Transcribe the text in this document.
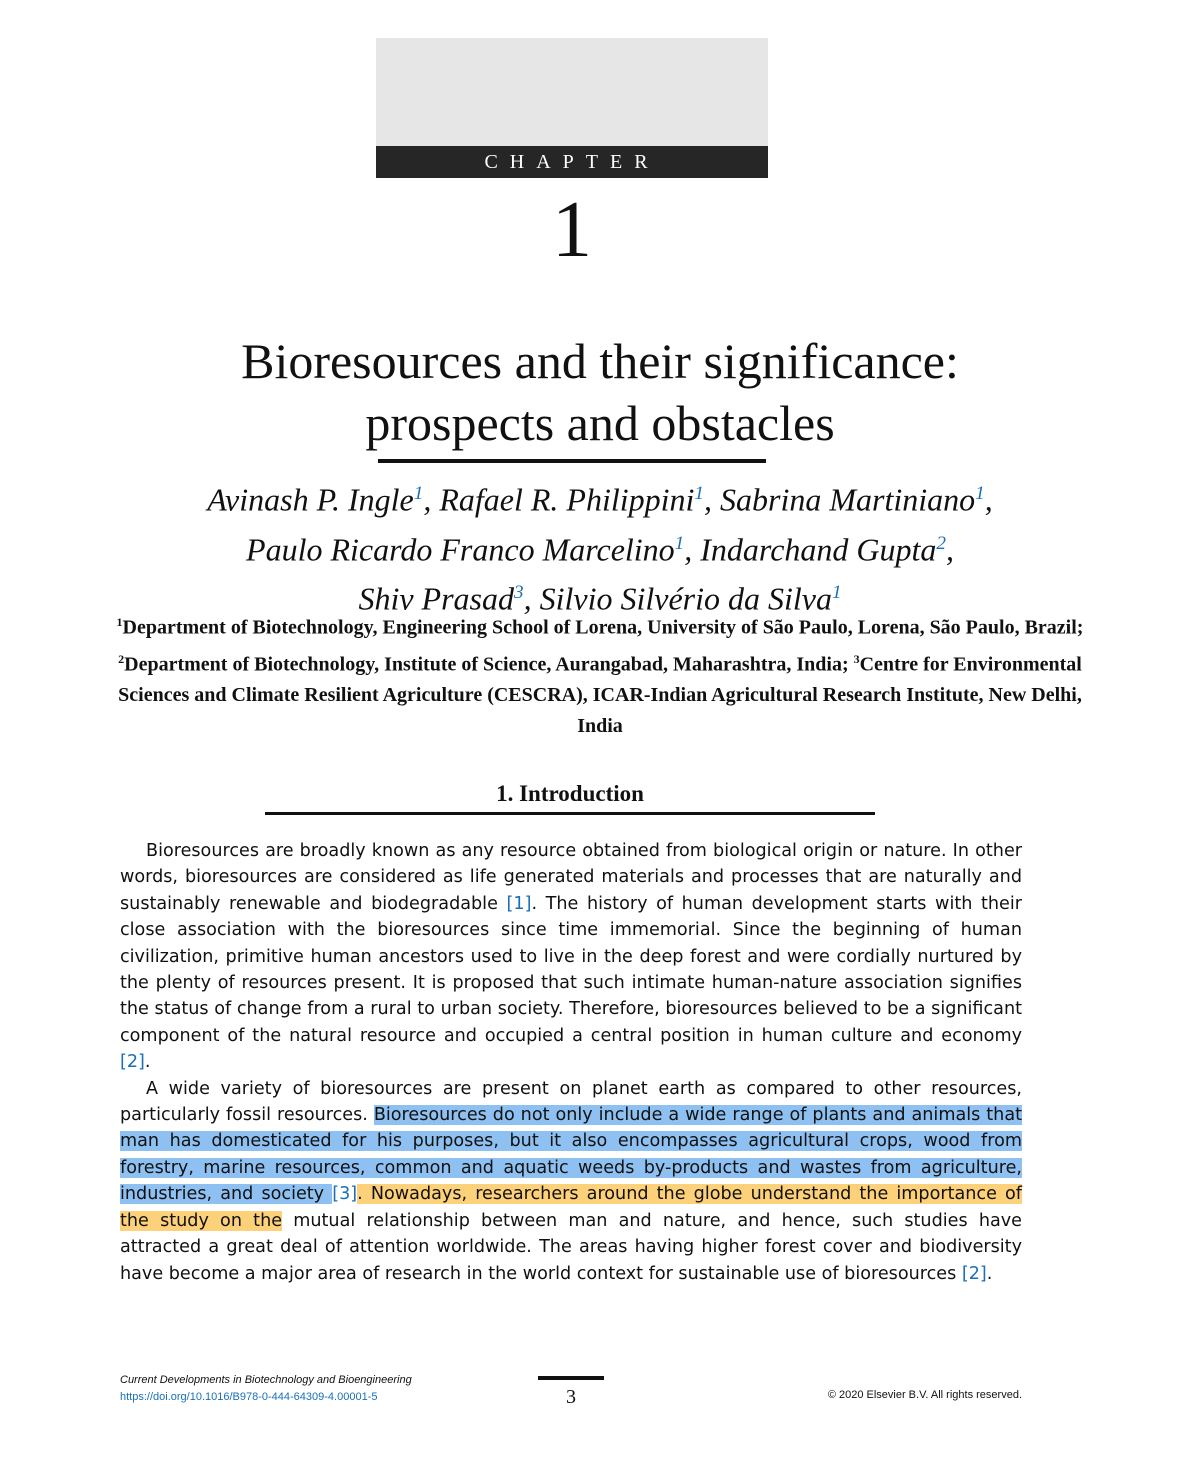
CHAPTER
1
Bioresources and their significance:
prospects and obstacles
Avinash P. Ingle$^1$, Rafael R. Philippini$^1$, Sabrina Martiniano$^1$,
Paulo Ricardo Franco Marcelino$^1$, Indarchand Gupta$^2$,
Shiv Prasad$^3$, Silvio Silvério da Silva$^1$
$^1$Department of Biotechnology, Engineering School of Lorena, University of São Paulo, Lorena, São Paulo, Brazil; $^2$Department of Biotechnology, Institute of Science, Aurangabad, Maharashtra, India; $^3$Centre for Environmental Sciences and Climate Resilient Agriculture (CESCRA), ICAR-Indian Agricultural Research Institute, New Delhi, India
1. Introduction

Bioresources are broadly known as any resource obtained from biological origin or nature. In other words, bioresources are considered as life generated materials and processes that are naturally and sustainably renewable and biodegradable [1]. The history of human development starts with their close association with the bioresources since time immemorial. Since the beginning of human civilization, primitive human ancestors used to live in the deep forest and were cordially nurtured by the plenty of resources present. It is proposed that such intimate human-nature association signifies the status of change from a rural to urban society. Therefore, bioresources believed to be a significant component of the natural resource and occupied a central position in human culture and economy [2].

A wide variety of bioresources are present on planet earth as compared to other resources, particularly fossil resources. Bioresources do not only include a wide range of plants and animals that man has domesticated for his purposes, but it also encompasses agricultural crops, wood from forestry, marine resources, common and aquatic weeds by-products and wastes from agriculture, industries, and society [3]. Nowadays, researchers around the globe understand the importance of the study on the mutual relationship between man and nature, and hence, such studies have attracted a great deal of attention worldwide. The areas having higher forest cover and biodiversity have become a major area of research in the world context for sustainable use of bioresources [2].

Current Developments in Biotechnology and Bioengineering
https://doi.org/10.1016/B978-0-444-64309-4.00001-5	3	© 2020 Elsevier B.V. All rights reserved.
